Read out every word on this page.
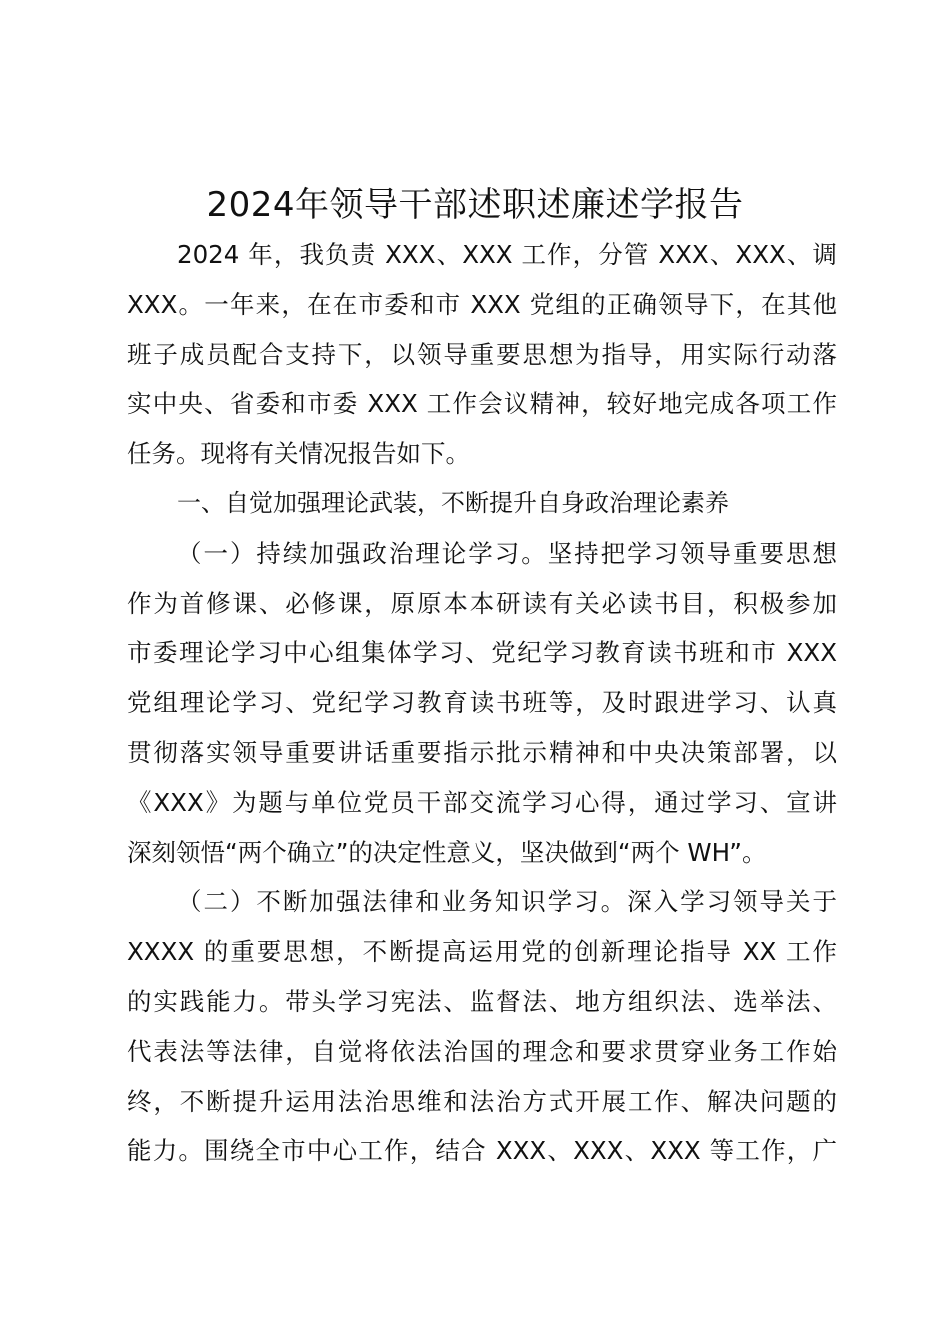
2024年领导干部述职述廉述学报告
2024 年，我负责 XXX、XXX 工作，分管 XXX、XXX、调
XXX。一年来，在在市委和市 XXX 党组的正确领导下，在其他
班子成员配合支持下，以领导重要思想为指导，用实际行动落
实中央、省委和市委 XXX 工作会议精神，较好地完成各项工作
任务。现将有关情况报告如下。
一、自觉加强理论武装，不断提升自身政治理论素养
（一）持续加强政治理论学习。坚持把学习领导重要思想
作为首修课、必修课，原原本本研读有关必读书目，积极参加
市委理论学习中心组集体学习、党纪学习教育读书班和市 XXX
党组理论学习、党纪学习教育读书班等，及时跟进学习、认真
贯彻落实领导重要讲话重要指示批示精神和中央决策部署，以
《XXX》为题与单位党员干部交流学习心得，通过学习、宣讲
深刻领悟“两个确立”的决定性意义，坚决做到“两个 WH”。
（二）不断加强法律和业务知识学习。深入学习领导关于
XXXX 的重要思想，不断提高运用党的创新理论指导 XX 工作
的实践能力。带头学习宪法、监督法、地方组织法、选举法、
代表法等法律，自觉将依法治国的理念和要求贯穿业务工作始
终，不断提升运用法治思维和法治方式开展工作、解决问题的
能力。围绕全市中心工作，结合 XXX、XXX、XXX 等工作，广
